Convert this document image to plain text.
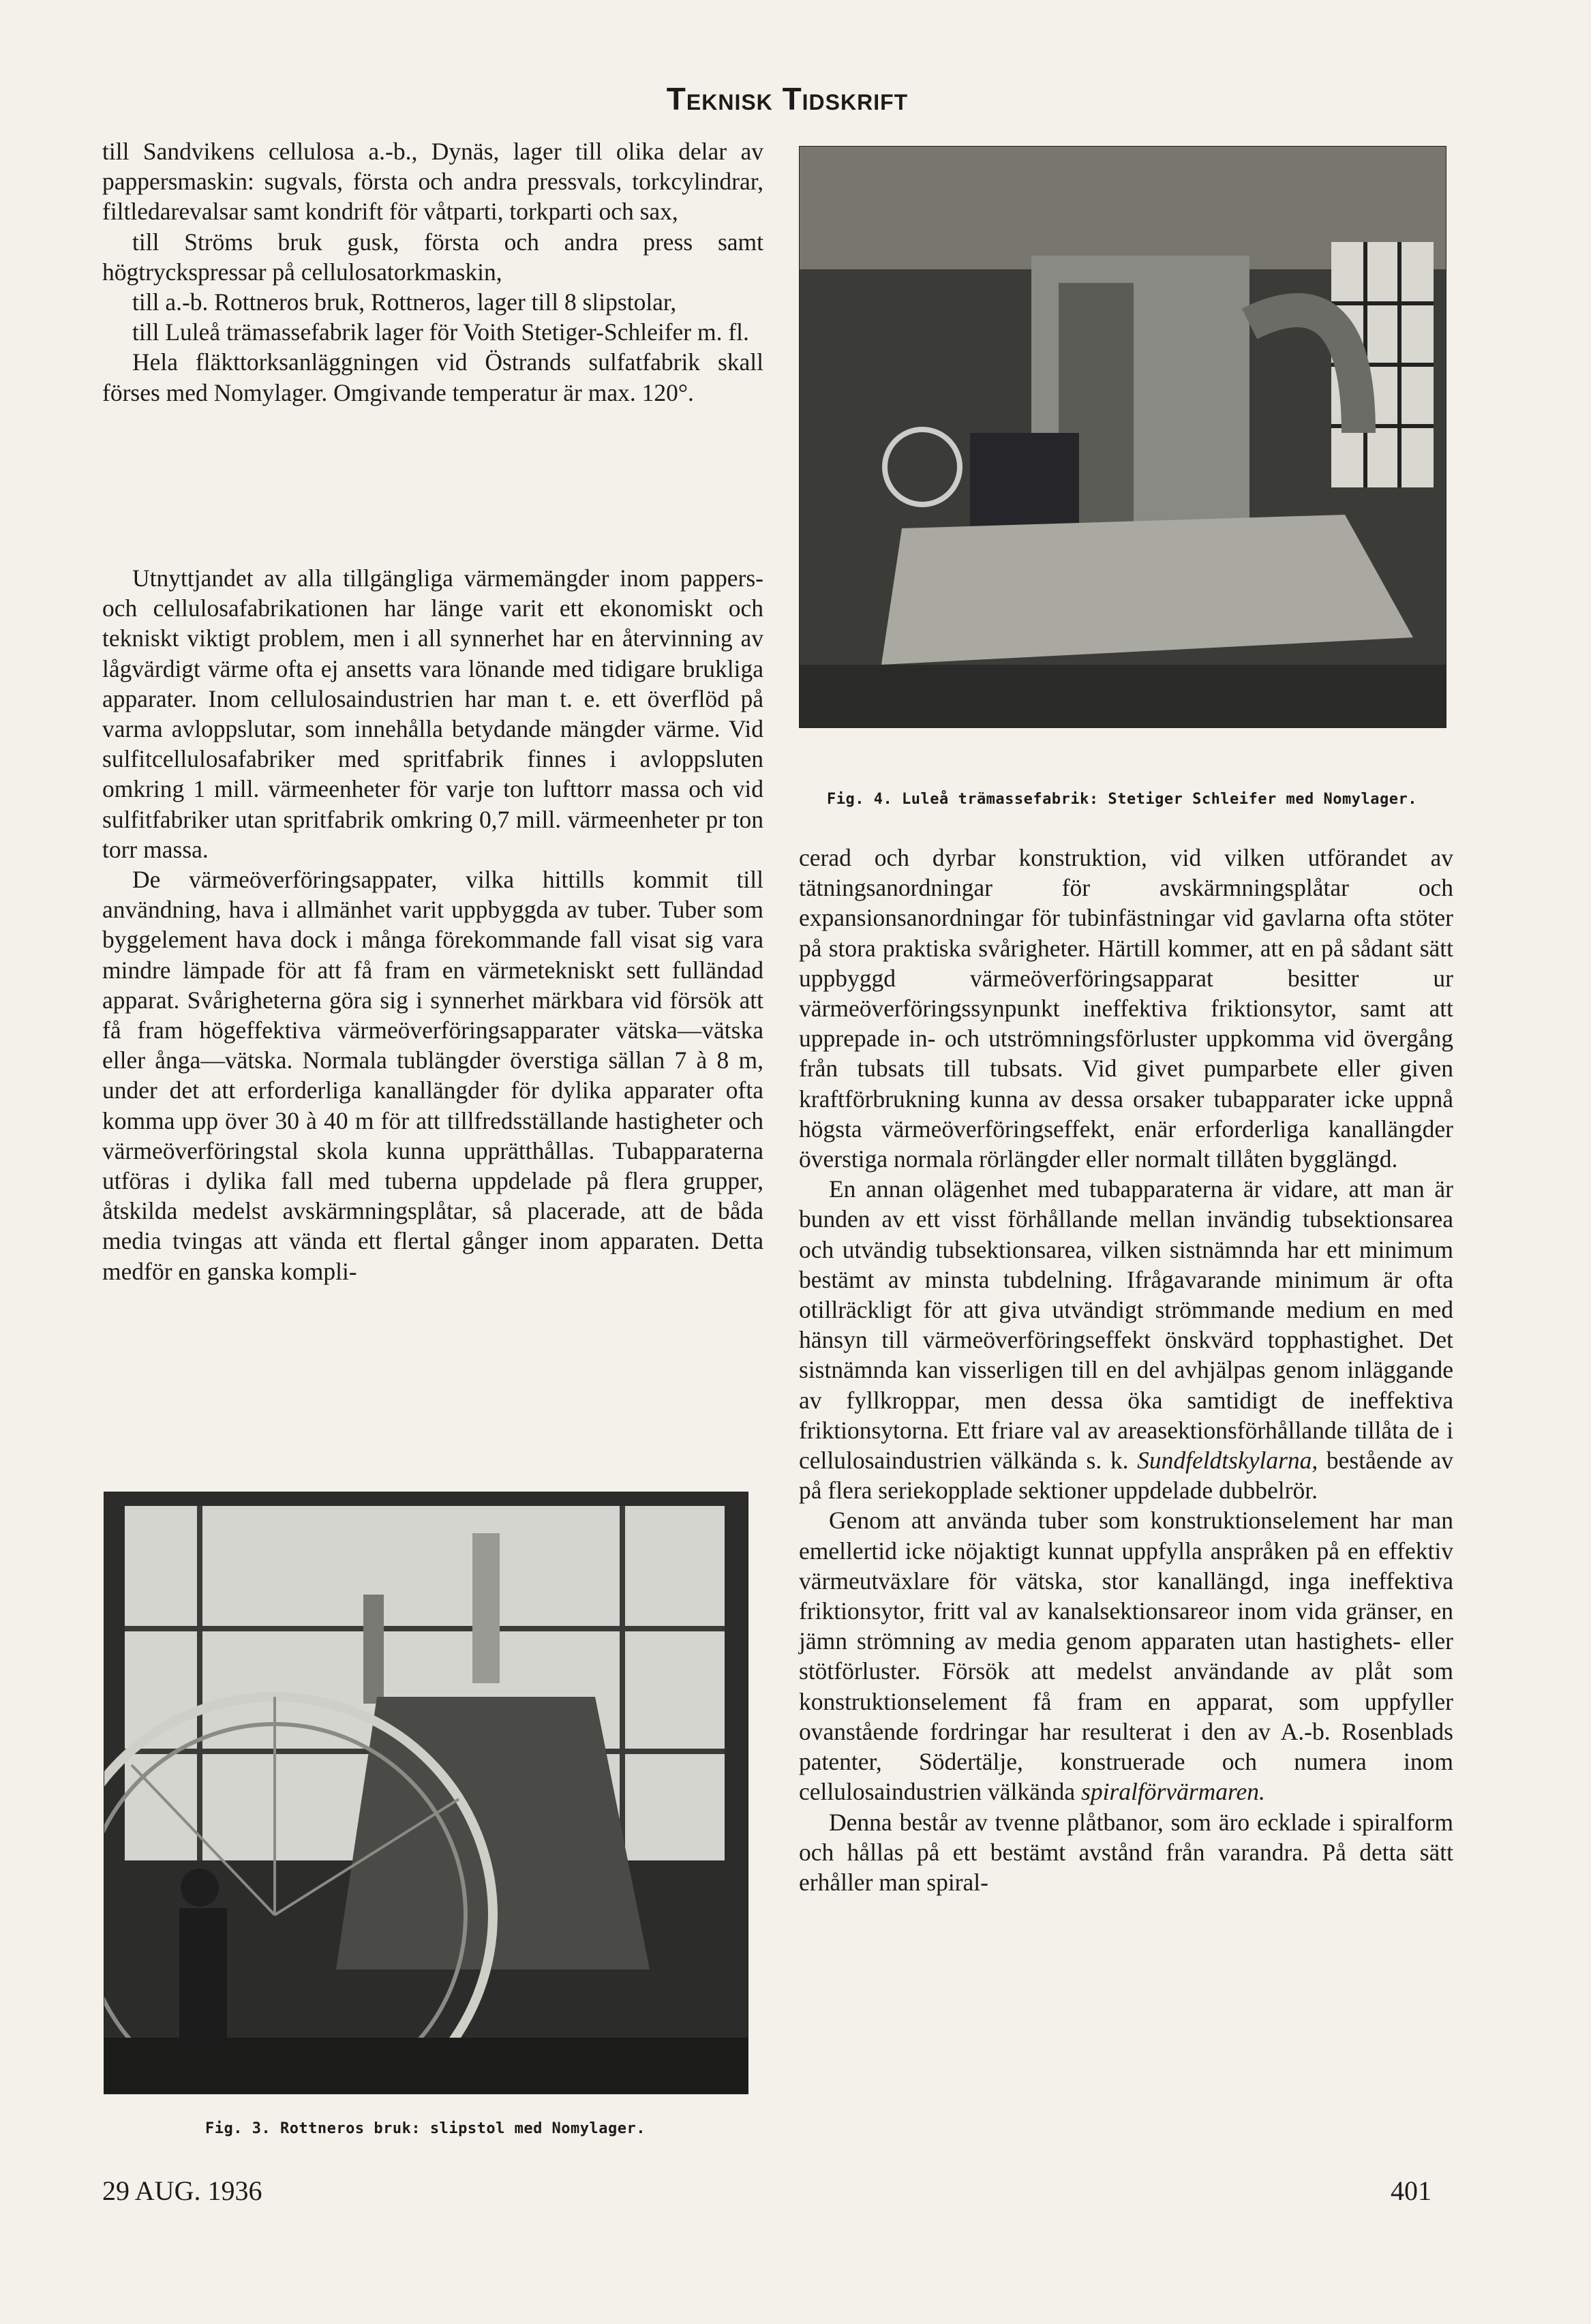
Teknisk Tidskrift

till Sandvikens cellulosa a.-b., Dynäs, lager till olika delar av pappersmaskin: sugvals, första och andra pressvals, torkcylindrar, filtledarevalsar samt kondrift för våtparti, torkparti och sax,

till Ströms bruk gusk, första och andra press samt högtryckspressar på cellulosatorkmaskin,

till a.-b. Rottneros bruk, Rottneros, lager till 8 slipstolar,

till Luleå trämassefabrik lager för Voith Stetiger-Schleifer m. fl.

Hela fläkttorksanläggningen vid Östrands sulfatfabrik skall förses med Nomylager. Omgivande temperatur är max. 120°.

Utnyttjandet av alla tillgängliga värmemängder inom pappers- och cellulosafabrikationen har länge varit ett ekonomiskt och tekniskt viktigt problem, men i all synnerhet har en återvinning av lågvärdigt värme ofta ej ansetts vara lönande med tidigare brukliga apparater. Inom cellulosaindustrien har man t. e. ett överflöd på varma avloppslutar, som innehålla betydande mängder värme. Vid sulfitcellulosafabriker med spritfabrik finnes i avloppsluten omkring 1 mill. värmeenheter för varje ton lufttorr massa och vid sulfitfabriker utan spritfabrik omkring 0,7 mill. värmeenheter pr ton torr massa.

De värmeöverföringsappater, vilka hittills kommit till användning, hava i allmänhet varit uppbyggda av tuber. Tuber som byggelement hava dock i många förekommande fall visat sig vara mindre lämpade för att få fram en värmetekniskt sett fulländad apparat. Svårigheterna göra sig i synnerhet märkbara vid försök att få fram högeffektiva värmeöverföringsapparater vätska—vätska eller ånga—vätska. Normala tublängder överstiga sällan 7 à 8 m, under det att erforderliga kanallängder för dylika apparater ofta komma upp över 30 à 40 m för att tillfredsställande hastigheter och värmeöverföringstal skola kunna upprätthållas. Tubapparaterna utföras i dylika fall med tuberna uppdelade på flera grupper, åtskilda medelst avskärmningsplåtar, så placerade, att de båda media tvingas att vända ett flertal gånger inom apparaten. Detta medför en ganska kompli-

Fig. 4. Luleå trämassefabrik: Stetiger Schleifer med Nomylager.
Fig. 3. Rottneros bruk: slipstol med Nomylager.

cerad och dyrbar konstruktion, vid vilken utförandet av tätningsanordningar för avskärmningsplåtar och expansionsanordningar för tubinfästningar vid gavlarna ofta stöter på stora praktiska svårigheter. Härtill kommer, att en på sådant sätt uppbyggd värmeöverföringsapparat besitter ur värmeöverföringssynpunkt ineffektiva friktionsytor, samt att upprepade in- och utströmningsförluster uppkomma vid övergång från tubsats till tubsats. Vid givet pumparbete eller given kraftförbrukning kunna av dessa orsaker tubapparater icke uppnå högsta värmeöverföringseffekt, enär erforderliga kanallängder överstiga normala rörlängder eller normalt tillåten bygglängd.

En annan olägenhet med tubapparaterna är vidare, att man är bunden av ett visst förhållande mellan invändig tubsektionsarea och utvändig tubsektionsarea, vilken sistnämnda har ett minimum bestämt av minsta tubdelning. Ifrågavarande minimum är ofta otillräckligt för att giva utvändigt strömmande medium en med hänsyn till värmeöverföringseffekt önskvärd topphastighet. Det sistnämnda kan visserligen till en del avhjälpas genom inläggande av fyllkroppar, men dessa öka samtidigt de ineffektiva friktionsytorna. Ett friare val av areasektionsförhållande tillåta de i cellulosaindustrien välkända s. k. Sundfeldtskylarna, bestående av på flera seriekopplade sektioner uppdelade dubbelrör.

Genom att använda tuber som konstruktionselement har man emellertid icke nöjaktigt kunnat uppfylla anspråken på en effektiv värmeutväxlare för vätska, stor kanallängd, inga ineffektiva friktionsytor, fritt val av kanalsektionsareor inom vida gränser, en jämn strömning av media genom apparaten utan hastighets- eller stötförluster. Försök att medelst användande av plåt som konstruktionselement få fram en apparat, som uppfyller ovanstående fordringar har resulterat i den av A.-b. Rosenblads patenter, Södertälje, konstruerade och numera inom cellulosaindustrien välkända spiralförvärmaren.

Denna består av tvenne plåtbanor, som äro ecklade i spiralform och hållas på ett bestämt avstånd från varandra. På detta sätt erhåller man spiral-

29 AUG. 1936	401
